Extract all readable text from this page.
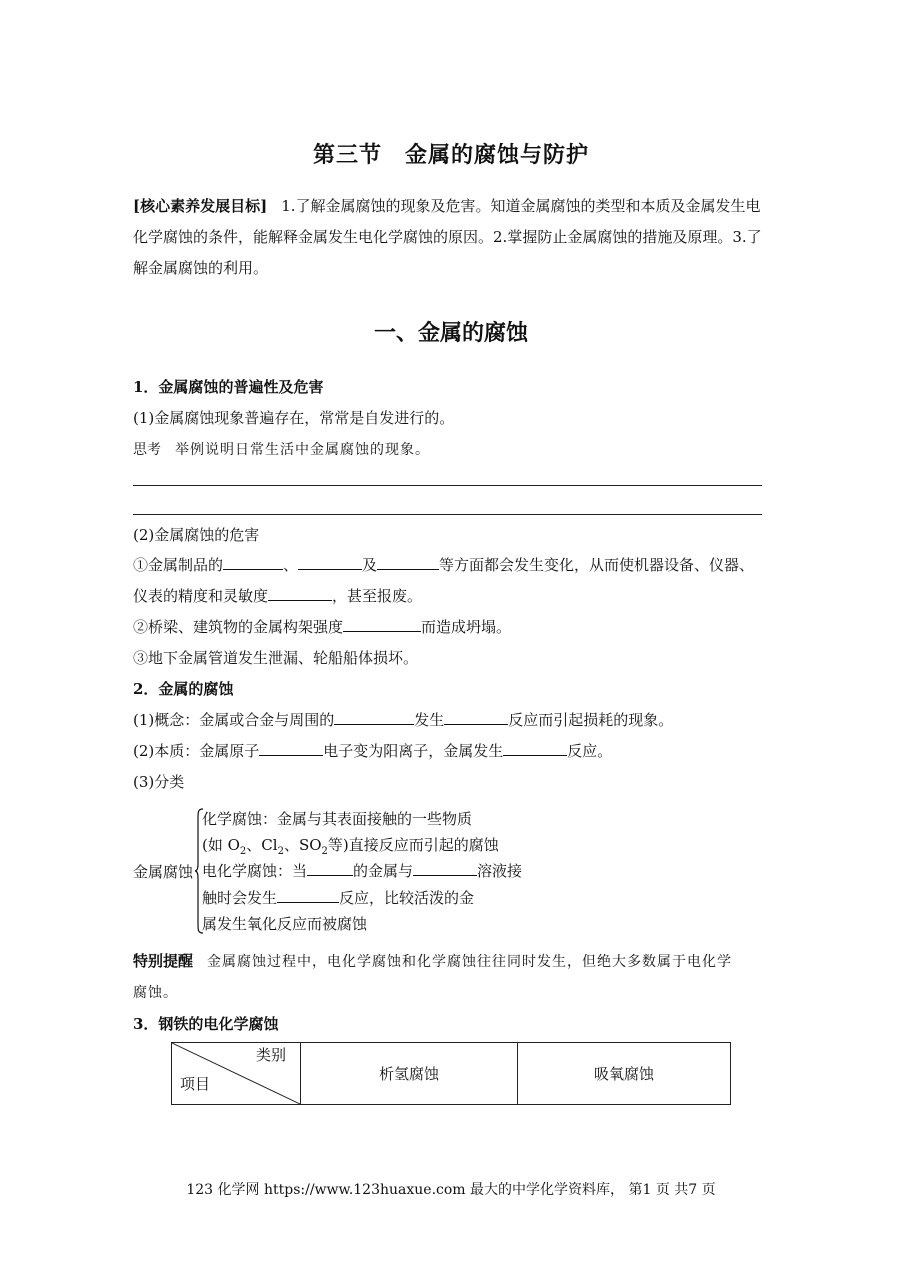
第三节　金属的腐蚀与防护
[核心素养发展目标] 1.了解金属腐蚀的现象及危害。知道金属腐蚀的类型和本质及金属发生电化学腐蚀的条件，能解释金属发生电化学腐蚀的原因。2.掌握防止金属腐蚀的措施及原理。3.了解金属腐蚀的利用。
一、金属的腐蚀
1．金属腐蚀的普遍性及危害
(1)金属腐蚀现象普遍存在，常常是自发进行的。
思考 举例说明日常生活中金属腐蚀的现象。
(2)金属腐蚀的危害
①金属制品的	、	及	等方面都会发生变化，从而使机器设备、仪器、
仪表的精度和灵敏度	，甚至报废。
②桥梁、建筑物的金属构架强度	而造成坍塌。
③地下金属管道发生泄漏、轮船船体损坏。
2．金属的腐蚀
(1)概念：金属或合金与周围的	发生	反应而引起损耗的现象。
(2)本质：金属原子	电子变为阳离子，金属发生	反应。
(3)分类
金属腐蚀
化学腐蚀：金属与其表面接触的一些物质
(如 $O_2$、$Cl_2$、$SO_2$等)直接反应而引起的腐蚀
电化学腐蚀：当	的金属与	溶液接
触时会发生	反应，比较活泼的金
属发生氧化反应而被腐蚀
特别提醒 金属腐蚀过程中，电化学腐蚀和化学腐蚀往往同时发生，但绝大多数属于电化学
腐蚀。
3．钢铁的电化学腐蚀
类别
项目
	析氢腐蚀	吸氧腐蚀
123 化学网 https://www.123huaxue.com 最大的中学化学资料库， 第1 页 共7 页
